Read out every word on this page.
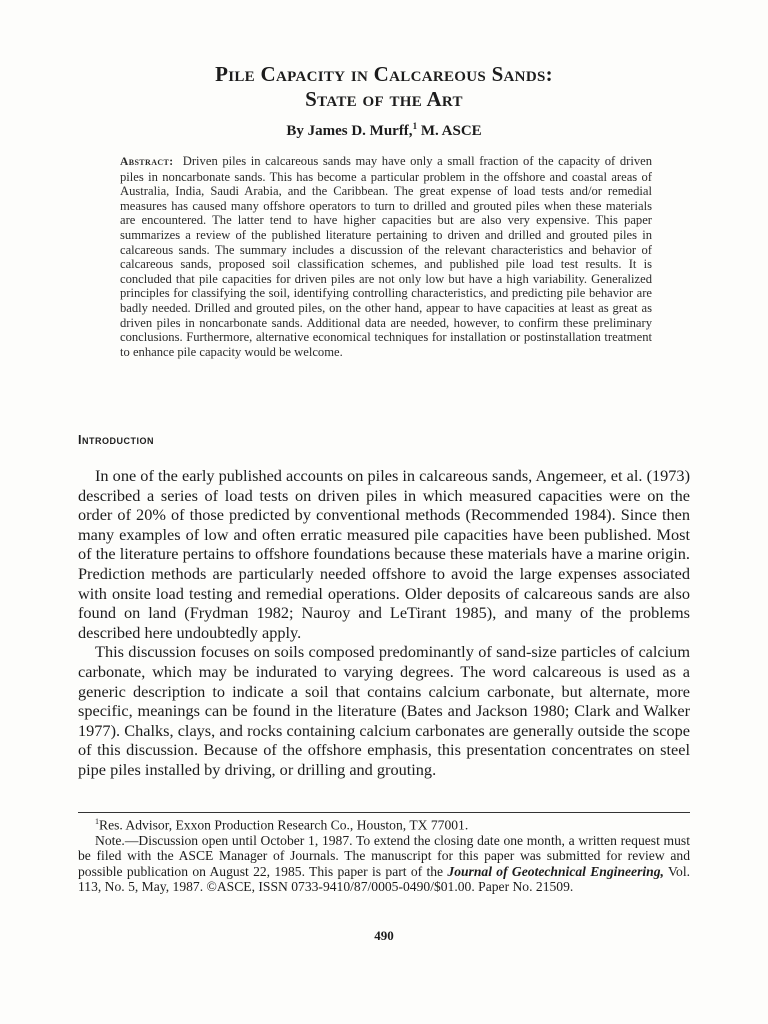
Pile Capacity in Calcareous Sands:
State of the Art
By James D. Murff,$^1$ M. ASCE
Abstract: Driven piles in calcareous sands may have only a small fraction of the capacity of driven piles in noncarbonate sands. This has become a particular problem in the offshore and coastal areas of Australia, India, Saudi Arabia, and the Caribbean. The great expense of load tests and/or remedial measures has caused many offshore operators to turn to drilled and grouted piles when these materials are encountered. The latter tend to have higher capacities but are also very expensive. This paper summarizes a review of the published literature pertaining to driven and drilled and grouted piles in calcareous sands. The summary includes a discussion of the relevant characteristics and behavior of calcareous sands, proposed soil classification schemes, and published pile load test results. It is concluded that pile capacities for driven piles are not only low but have a high variability. Generalized principles for classifying the soil, identifying controlling characteristics, and predicting pile behavior are badly needed. Drilled and grouted piles, on the other hand, appear to have capacities at least as great as driven piles in noncarbonate sands. Additional data are needed, however, to confirm these preliminary conclusions. Furthermore, alternative economical techniques for installation or postinstallation treatment to enhance pile capacity would be welcome.
Introduction

In one of the early published accounts on piles in calcareous sands, Angemeer, et al. (1973) described a series of load tests on driven piles in which measured capacities were on the order of 20% of those predicted by conventional methods (Recommended 1984). Since then many examples of low and often erratic measured pile capacities have been published. Most of the literature pertains to offshore foundations because these materials have a marine origin. Prediction methods are particularly needed offshore to avoid the large expenses associated with onsite load testing and remedial operations. Older deposits of calcareous sands are also found on land (Frydman 1982; Nauroy and LeTirant 1985), and many of the problems described here undoubtedly apply.

This discussion focuses on soils composed predominantly of sand-size particles of calcium carbonate, which may be indurated to varying degrees. The word calcareous is used as a generic description to indicate a soil that contains calcium carbonate, but alternate, more specific, meanings can be found in the literature (Bates and Jackson 1980; Clark and Walker 1977). Chalks, clays, and rocks containing calcium carbonates are generally outside the scope of this discussion. Because of the offshore emphasis, this presentation concentrates on steel pipe piles installed by driving, or drilling and grouting.

$^1$Res. Advisor, Exxon Production Research Co., Houston, TX 77001.

Note.—Discussion open until October 1, 1987. To extend the closing date one month, a written request must be filed with the ASCE Manager of Journals. The manuscript for this paper was submitted for review and possible publication on August 22, 1985. This paper is part of the Journal of Geotechnical Engineering, Vol. 113, No. 5, May, 1987. ©ASCE, ISSN 0733-9410/87/0005-0490/$01.00. Paper No. 21509.

490
